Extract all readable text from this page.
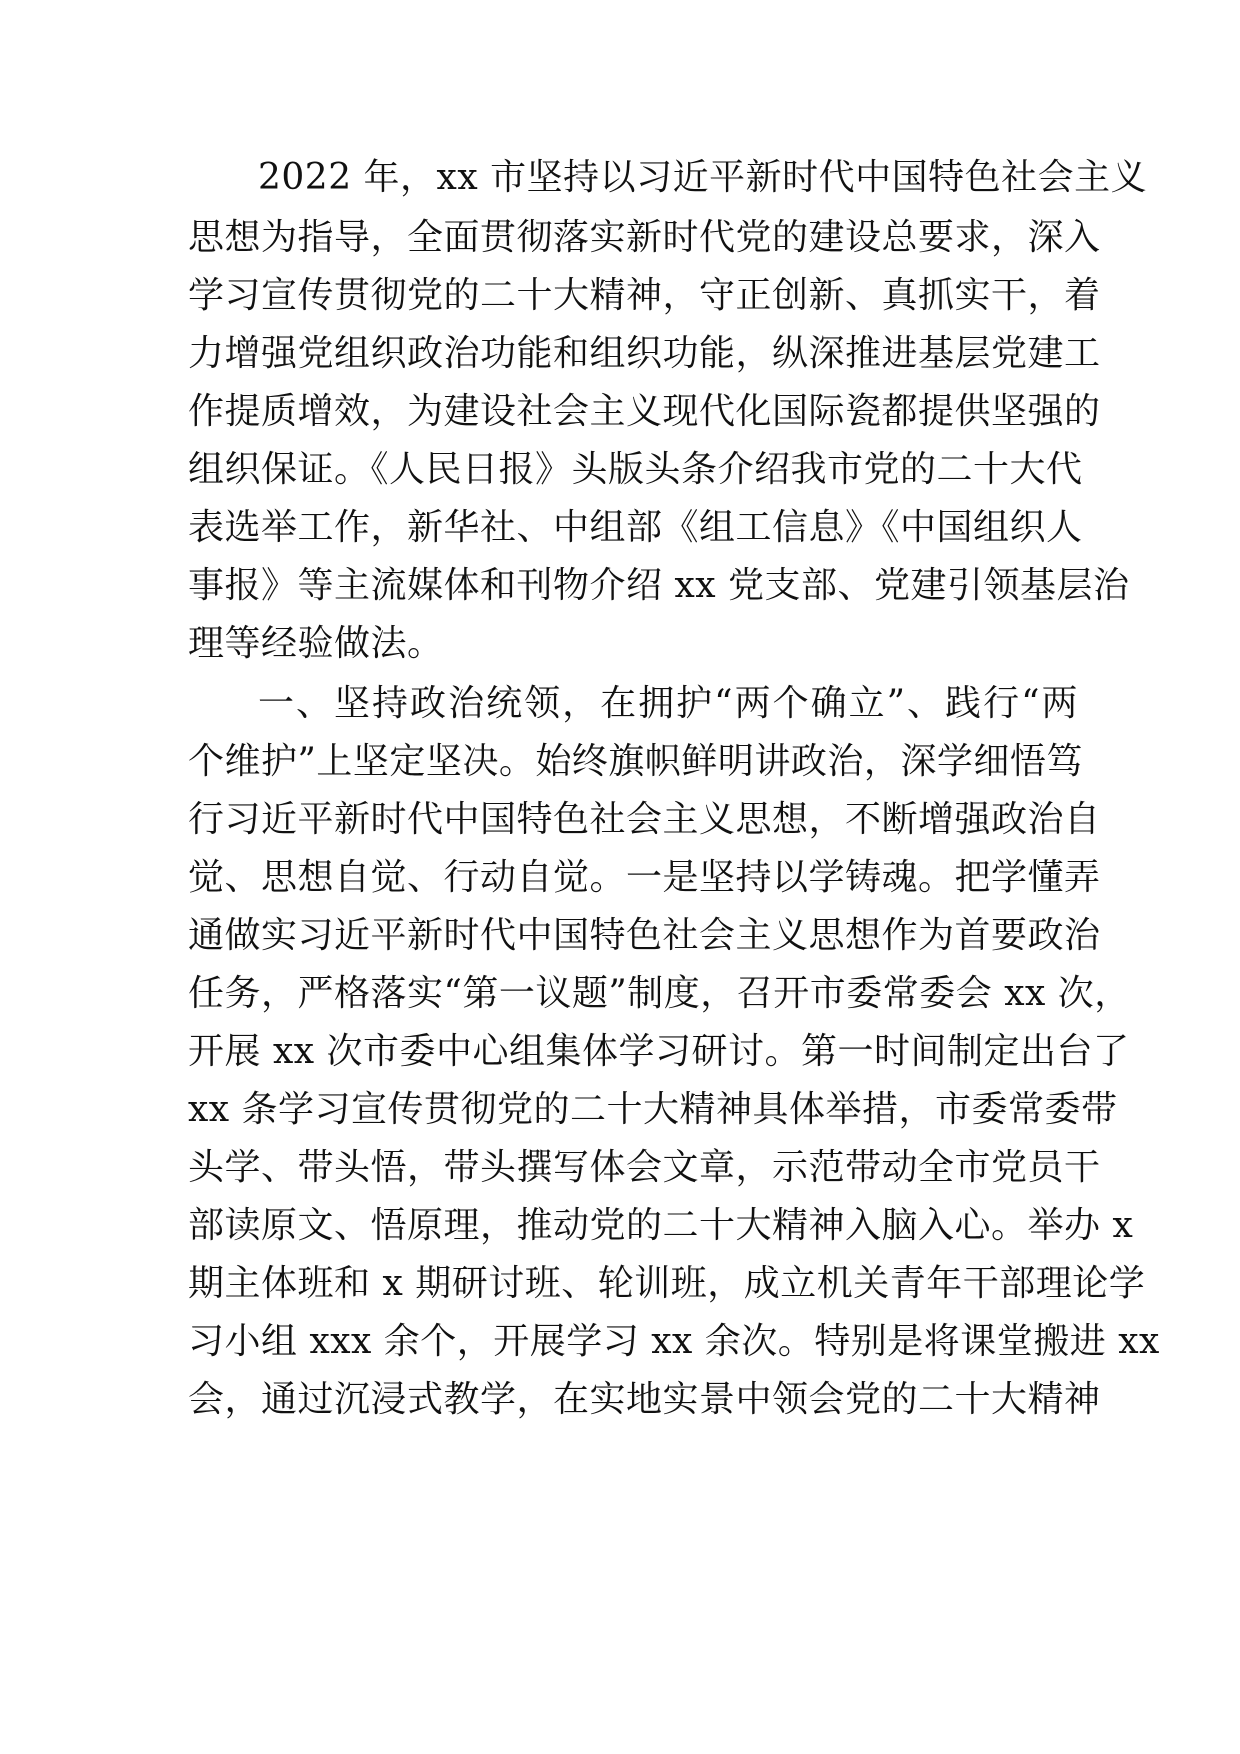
2022 年，xx 市坚持以习近平新时代中国特色社会主义
思想为指导，全面贯彻落实新时代党的建设总要求，深入
学习宣传贯彻党的二十大精神，守正创新、真抓实干，着
力增强党组织政治功能和组织功能，纵深推进基层党建工
作提质增效，为建设社会主义现代化国际瓷都提供坚强的
组织保证。《人民日报》头版头条介绍我市党的二十大代
表选举工作，新华社、中组部《组工信息》《中国组织人
事报》等主流媒体和刊物介绍 xx 党支部、党建引领基层治
理等经验做法。
一、坚持政治统领，在拥护“两个确立”、践行“两
个维护”上坚定坚决。始终旗帜鲜明讲政治，深学细悟笃
行习近平新时代中国特色社会主义思想，不断增强政治自
觉、思想自觉、行动自觉。一是坚持以学铸魂。把学懂弄
通做实习近平新时代中国特色社会主义思想作为首要政治
任务，严格落实“第一议题”制度，召开市委常委会 xx 次，
开展 xx 次市委中心组集体学习研讨。第一时间制定出台了
xx 条学习宣传贯彻党的二十大精神具体举措，市委常委带
头学、带头悟，带头撰写体会文章，示范带动全市党员干
部读原文、悟原理，推动党的二十大精神入脑入心。举办 x
期主体班和 x 期研讨班、轮训班，成立机关青年干部理论学
习小组 xxx 余个，开展学习 xx 余次。特别是将课堂搬进 xx
会，通过沉浸式教学，在实地实景中领会党的二十大精神
